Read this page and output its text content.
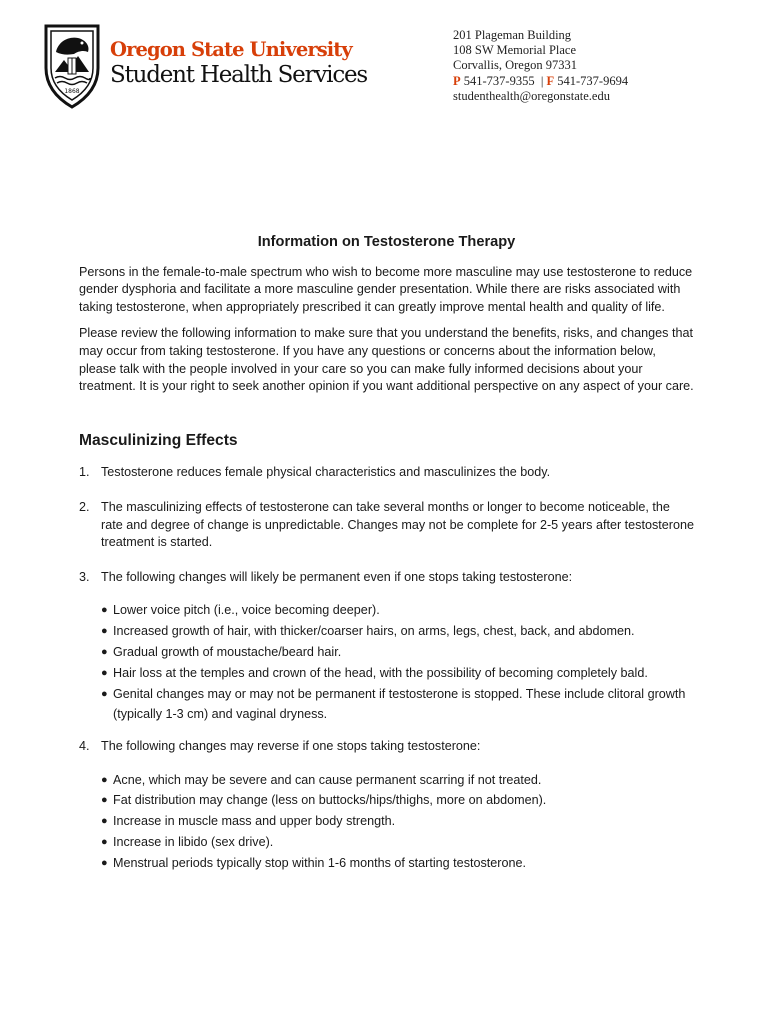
1868
Oregon State University
Student Health Services
201 Plageman Building
108 SW Memorial Place
Corvallis, Oregon 97331
P 541-737-9355 | F 541-737-9694
studenthealth@oregonstate.edu
Information on Testosterone Therapy

Persons in the female-to-male spectrum who wish to become more masculine may use testosterone to reduce gender dysphoria and facilitate a more masculine gender presentation. While there are risks associated with taking testosterone, when appropriately prescribed it can greatly improve mental health and quality of life.

Please review the following information to make sure that you understand the benefits, risks, and changes that may occur from taking testosterone. If you have any questions or concerns about the information below, please talk with the people involved in your care so you can make fully informed decisions about your treatment. It is your right to seek another opinion if you want additional perspective on any aspect of your care.

Masculinizing Effects
1. Testosterone reduces female physical characteristics and masculinizes the body.
2. The masculinizing effects of testosterone can take several months or longer to become noticeable, the rate and degree of change is unpredictable. Changes may not be complete for 2-5 years after testosterone treatment is started.
3. The following changes will likely be permanent even if one stops taking testosterone:
● Lower voice pitch (i.e., voice becoming deeper).
● Increased growth of hair, with thicker/coarser hairs, on arms, legs, chest, back, and abdomen.
● Gradual growth of moustache/beard hair.
● Hair loss at the temples and crown of the head, with the possibility of becoming completely bald.
● Genital changes may or may not be permanent if testosterone is stopped. These include clitoral growth (typically 1-3 cm) and vaginal dryness.
4. The following changes may reverse if one stops taking testosterone:
● Acne, which may be severe and can cause permanent scarring if not treated.
● Fat distribution may change (less on buttocks/hips/thighs, more on abdomen).
● Increase in muscle mass and upper body strength.
● Increase in libido (sex drive).
● Menstrual periods typically stop within 1-6 months of starting testosterone.
